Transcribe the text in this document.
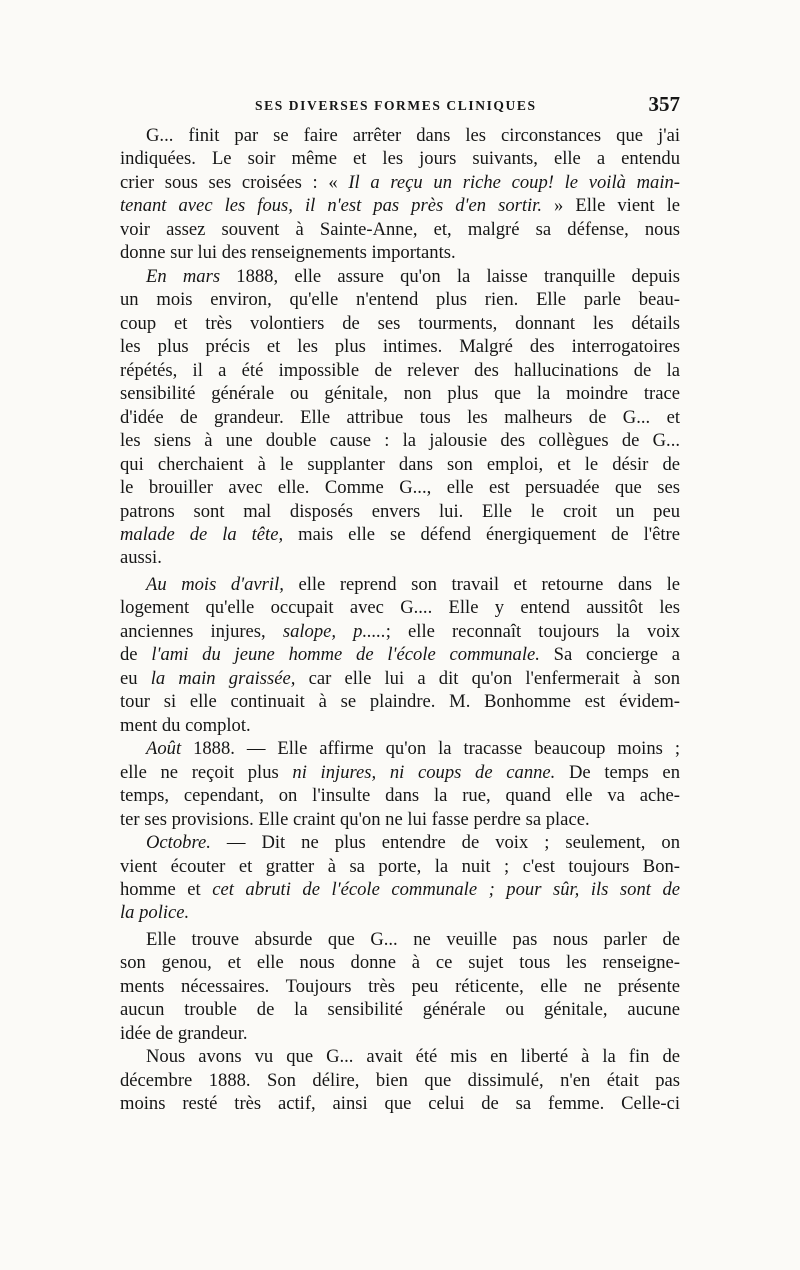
SES DIVERSES FORMES CLINIQUES	357
G... finit par se faire arrêter dans les circonstances que j'ai
indiquées. Le soir même et les jours suivants, elle a entendu
crier sous ses croisées : « Il a reçu un riche coup! le voilà main-
tenant avec les fous, il n'est pas près d'en sortir. » Elle vient le
voir assez souvent à Sainte-Anne, et, malgré sa défense, nous
donne sur lui des renseignements importants.
En mars 1888, elle assure qu'on la laisse tranquille depuis
un mois environ, qu'elle n'entend plus rien. Elle parle beau-
coup et très volontiers de ses tourments, donnant les détails
les plus précis et les plus intimes. Malgré des interrogatoires
répétés, il a été impossible de relever des hallucinations de la
sensibilité générale ou génitale, non plus que la moindre trace
d'idée de grandeur. Elle attribue tous les malheurs de G... et
les siens à une double cause : la jalousie des collègues de G...
qui cherchaient à le supplanter dans son emploi, et le désir de
le brouiller avec elle. Comme G..., elle est persuadée que ses
patrons sont mal disposés envers lui. Elle le croit un peu
malade de la tête, mais elle se défend énergiquement de l'être
aussi.
Au mois d'avril, elle reprend son travail et retourne dans le
logement qu'elle occupait avec G.... Elle y entend aussitôt les
anciennes injures, salope, p.....; elle reconnaît toujours la voix
de l'ami du jeune homme de l'école communale. Sa concierge a
eu la main graissée, car elle lui a dit qu'on l'enfermerait à son
tour si elle continuait à se plaindre. M. Bonhomme est évidem-
ment du complot.
Août 1888. — Elle affirme qu'on la tracasse beaucoup moins ;
elle ne reçoit plus ni injures, ni coups de canne. De temps en
temps, cependant, on l'insulte dans la rue, quand elle va ache-
ter ses provisions. Elle craint qu'on ne lui fasse perdre sa place.
Octobre. — Dit ne plus entendre de voix ; seulement, on
vient écouter et gratter à sa porte, la nuit ; c'est toujours Bon-
homme et cet abruti de l'école communale ; pour sûr, ils sont de
la police.
Elle trouve absurde que G... ne veuille pas nous parler de
son genou, et elle nous donne à ce sujet tous les renseigne-
ments nécessaires. Toujours très peu réticente, elle ne présente
aucun trouble de la sensibilité générale ou génitale, aucune
idée de grandeur.
Nous avons vu que G... avait été mis en liberté à la fin de
décembre 1888. Son délire, bien que dissimulé, n'en était pas
moins resté très actif, ainsi que celui de sa femme. Celle-ci
